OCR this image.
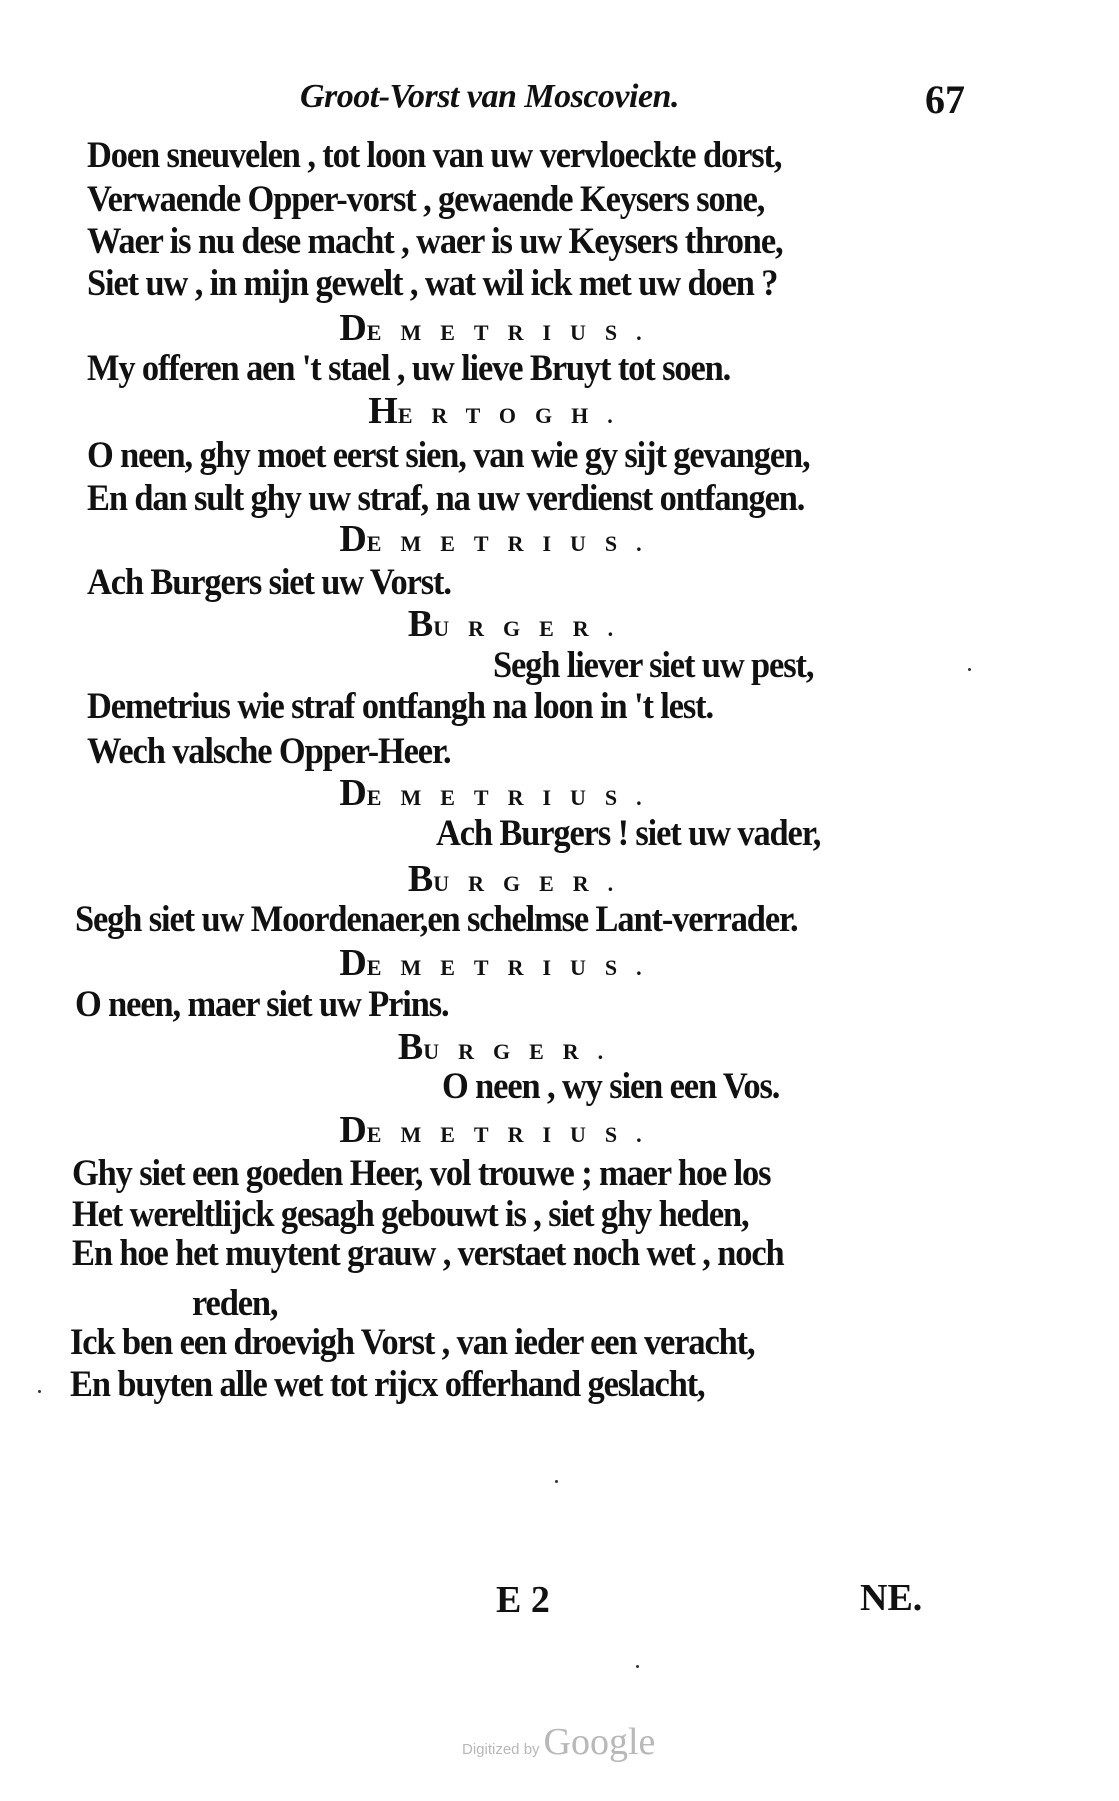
Groot-Vorst van Moscovien.	67
Doen sneuvelen , tot loon van uw vervloeckte dorst,
Verwaende Opper-vorst , gewaende Keysers sone,
Waer is nu dese macht , waer is uw Keysers throne,
Siet uw , in mijn gewelt , wat wil ick met uw doen ?
DEMETRIUS.
My offeren aen 't stael , uw lieve Bruyt tot soen.
HERTOGH.
O neen, ghy moet eerst sien, van wie gy sijt gevangen,
En dan sult ghy uw straf, na uw verdienst ontfangen.
DEMETRIUS.
Ach Burgers siet uw Vorst.
BURGER.
Segh liever siet uw pest,
Demetrius wie straf ontfangh na loon in 't lest.
Wech valsche Opper-Heer.
DEMETRIUS.
Ach Burgers ! siet uw vader,
BURGER.
Segh siet uw Moordenaer,en schelmse Lant-verrader.
DEMETRIUS.
O neen, maer siet uw Prins.
BURGER.
O neen , wy sien een Vos.
DEMETRIUS.
Ghy siet een goeden Heer, vol trouwe ; maer hoe los
Het wereltlijck gesagh gebouwt is , siet ghy heden,
En hoe het muytent grauw , verstaet noch wet , noch
reden,
Ick ben een droevigh Vorst , van ieder een veracht,
En buyten alle wet tot rijcx offerhand geslacht,
E 2	NE.
Digitized by Google
